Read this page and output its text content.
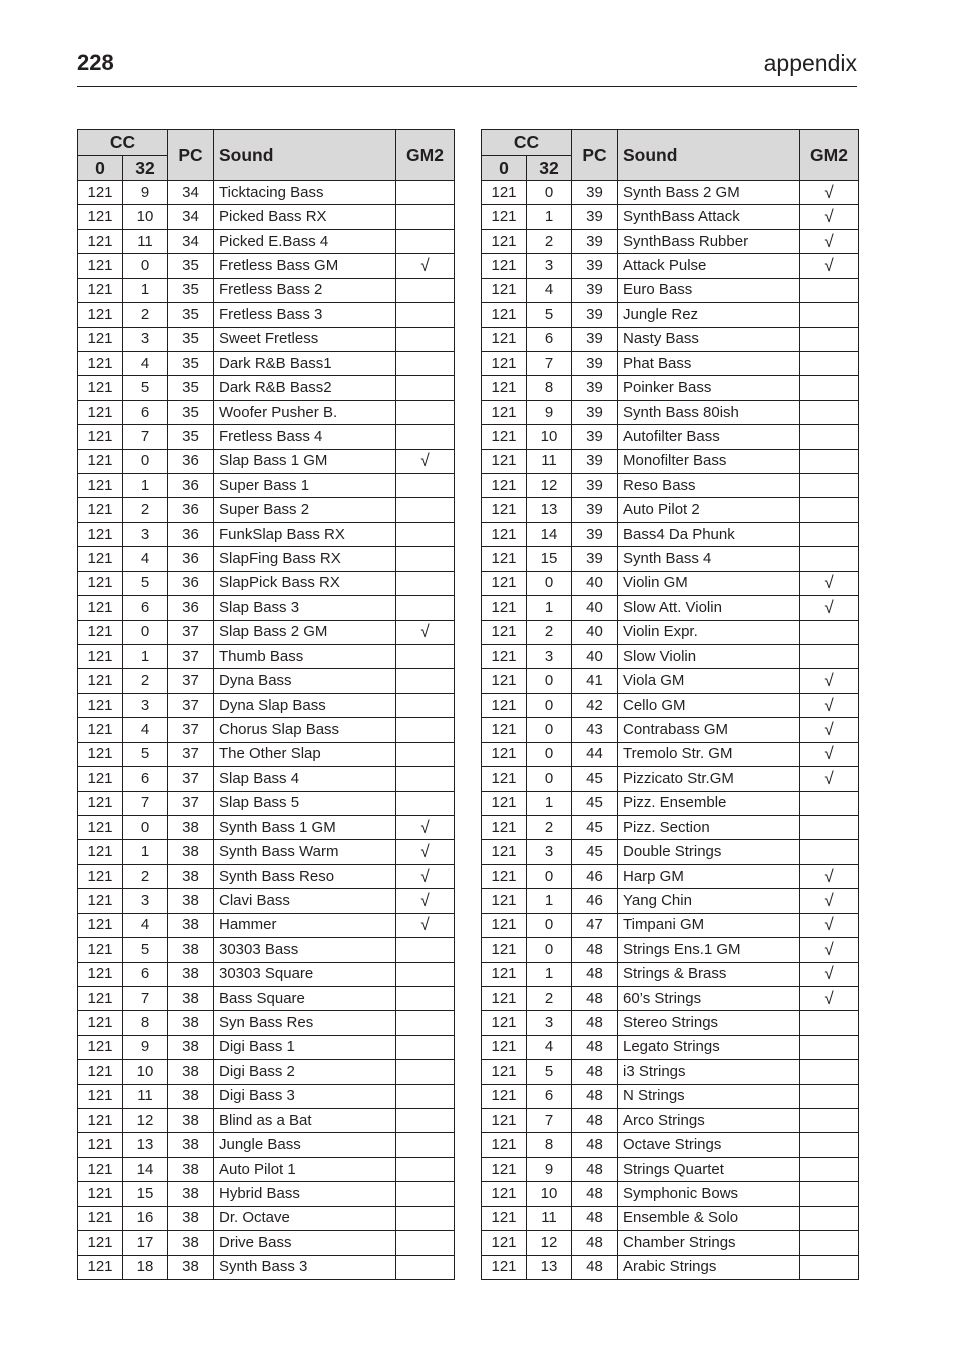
228	appendix
CC		PC	Sound	GM2
0	32			
121	9	34	Ticktacing Bass	
121	10	34	Picked Bass RX	
121	11	34	Picked E.Bass 4	
121	0	35	Fretless Bass GM	√
121	1	35	Fretless Bass 2	
121	2	35	Fretless Bass 3	
121	3	35	Sweet Fretless	
121	4	35	Dark R&B Bass1	
121	5	35	Dark R&B Bass2	
121	6	35	Woofer Pusher B.	
121	7	35	Fretless Bass 4	
121	0	36	Slap Bass 1 GM	√
121	1	36	Super Bass 1	
121	2	36	Super Bass 2	
121	3	36	FunkSlap Bass RX	
121	4	36	SlapFing Bass RX	
121	5	36	SlapPick Bass RX	
121	6	36	Slap Bass 3	
121	0	37	Slap Bass 2 GM	√
121	1	37	Thumb Bass	
121	2	37	Dyna Bass	
121	3	37	Dyna Slap Bass	
121	4	37	Chorus Slap Bass	
121	5	37	The Other Slap	
121	6	37	Slap Bass 4	
121	7	37	Slap Bass 5	
121	0	38	Synth Bass 1 GM	√
121	1	38	Synth Bass Warm	√
121	2	38	Synth Bass Reso	√
121	3	38	Clavi Bass	√
121	4	38	Hammer	√
121	5	38	30303 Bass	
121	6	38	30303 Square	
121	7	38	Bass Square	
121	8	38	Syn Bass Res	
121	9	38	Digi Bass 1	
121	10	38	Digi Bass 2	
121	11	38	Digi Bass 3	
121	12	38	Blind as a Bat	
121	13	38	Jungle Bass	
121	14	38	Auto Pilot 1	
121	15	38	Hybrid Bass	
121	16	38	Dr. Octave	
121	17	38	Drive Bass	
121	18	38	Synth Bass 3	
CC		PC	Sound	GM2
0	32			
121	0	39	Synth Bass 2 GM	√
121	1	39	SynthBass Attack	√
121	2	39	SynthBass Rubber	√
121	3	39	Attack Pulse	√
121	4	39	Euro Bass	
121	5	39	Jungle Rez	
121	6	39	Nasty Bass	
121	7	39	Phat Bass	
121	8	39	Poinker Bass	
121	9	39	Synth Bass 80ish	
121	10	39	Autofilter Bass	
121	11	39	Monofilter Bass	
121	12	39	Reso Bass	
121	13	39	Auto Pilot 2	
121	14	39	Bass4 Da Phunk	
121	15	39	Synth Bass 4	
121	0	40	Violin GM	√
121	1	40	Slow Att. Violin	√
121	2	40	Violin Expr.	
121	3	40	Slow Violin	
121	0	41	Viola GM	√
121	0	42	Cello GM	√
121	0	43	Contrabass GM	√
121	0	44	Tremolo Str. GM	√
121	0	45	Pizzicato Str.GM	√
121	1	45	Pizz. Ensemble	
121	2	45	Pizz. Section	
121	3	45	Double Strings	
121	0	46	Harp GM	√
121	1	46	Yang Chin	√
121	0	47	Timpani GM	√
121	0	48	Strings Ens.1 GM	√
121	1	48	Strings & Brass	√
121	2	48	60’s Strings	√
121	3	48	Stereo Strings	
121	4	48	Legato Strings	
121	5	48	i3 Strings	
121	6	48	N Strings	
121	7	48	Arco Strings	
121	8	48	Octave Strings	
121	9	48	Strings Quartet	
121	10	48	Symphonic Bows	
121	11	48	Ensemble & Solo	
121	12	48	Chamber Strings	
121	13	48	Arabic Strings	
